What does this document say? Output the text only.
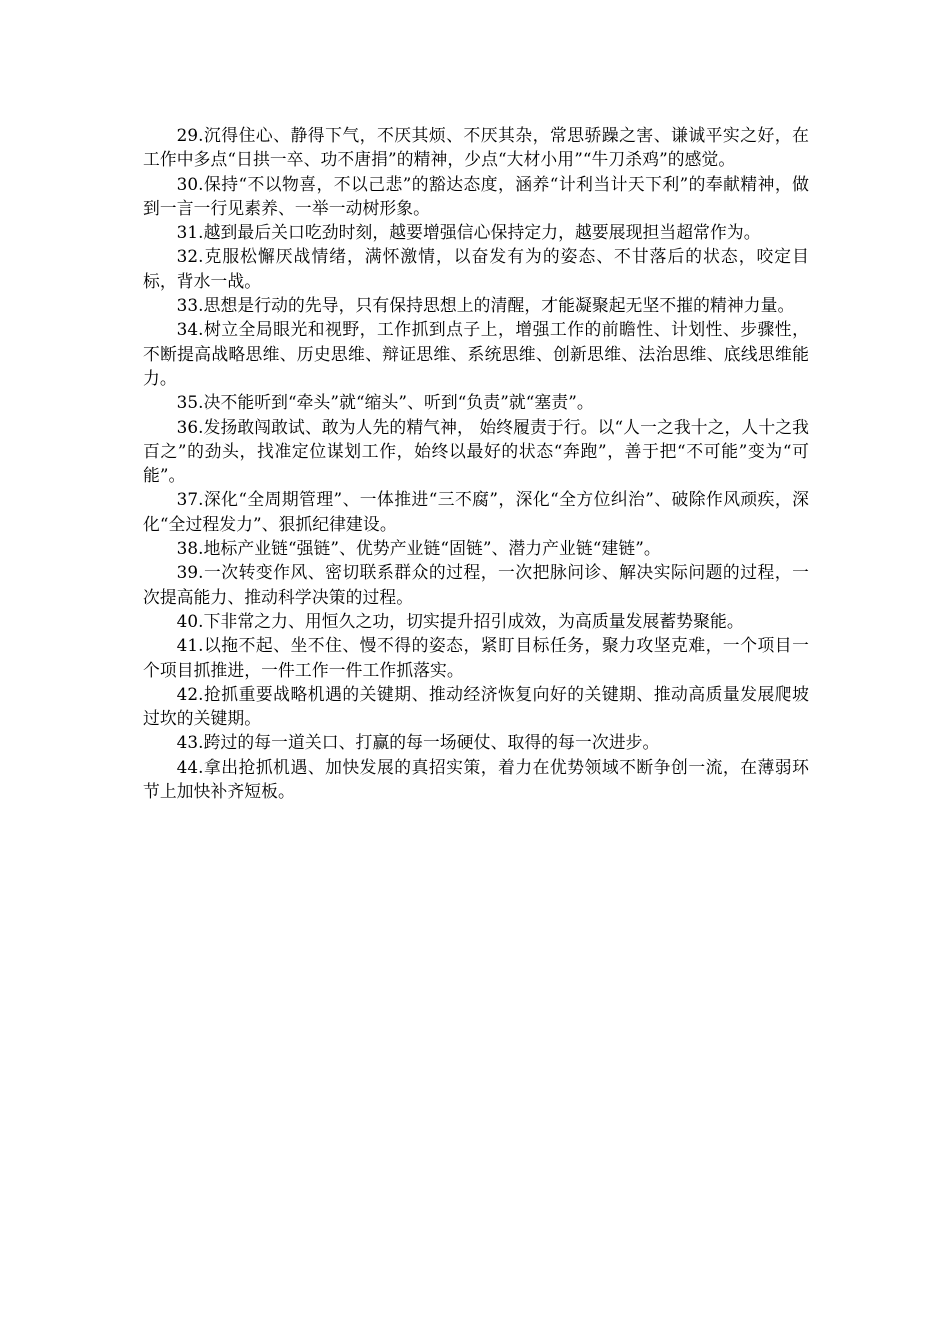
29.沉得住心、静得下气，不厌其烦、不厌其杂，常思骄躁之害、谦诚平实之好，在工作中多点“日拱一卒、功不唐捐”的精神，少点“大材小用”“牛刀杀鸡”的感觉。

30.保持“不以物喜，不以己悲”的豁达态度，涵养“计利当计天下利”的奉献精神，做到一言一行见素养、一举一动树形象。

31.越到最后关口吃劲时刻，越要增强信心保持定力，越要展现担当超常作为。

32.克服松懈厌战情绪，满怀激情，以奋发有为的姿态、不甘落后的状态，咬定目标，背水一战。

33.思想是行动的先导，只有保持思想上的清醒，才能凝聚起无坚不摧的精神力量。

34.树立全局眼光和视野，工作抓到点子上，增强工作的前瞻性、计划性、步骤性，不断提高战略思维、历史思维、辩证思维、系统思维、创新思维、法治思维、底线思维能力。

35.决不能听到“牵头”就“缩头”、听到“负责”就“塞责”。

36.发扬敢闯敢试、敢为人先的精气神， 始终履责于行。以“人一之我十之，人十之我百之”的劲头，找准定位谋划工作，始终以最好的状态“奔跑”，善于把“不可能”变为“可能”。

37.深化“全周期管理”、一体推进“三不腐”，深化“全方位纠治”、破除作风顽疾，深化“全过程发力”、狠抓纪律建设。

38.地标产业链“强链”、优势产业链“固链”、潜力产业链“建链”。

39.一次转变作风、密切联系群众的过程，一次把脉问诊、解决实际问题的过程，一次提高能力、推动科学决策的过程。

40.下非常之力、用恒久之功，切实提升招引成效，为高质量发展蓄势聚能。

41.以拖不起、坐不住、慢不得的姿态，紧盯目标任务，聚力攻坚克难，一个项目一个项目抓推进，一件工作一件工作抓落实。

42.抢抓重要战略机遇的关键期、推动经济恢复向好的关键期、推动高质量发展爬坡过坎的关键期。

43.跨过的每一道关口、打赢的每一场硬仗、取得的每一次进步。

44.拿出抢抓机遇、加快发展的真招实策，着力在优势领域不断争创一流，在薄弱环节上加快补齐短板。
